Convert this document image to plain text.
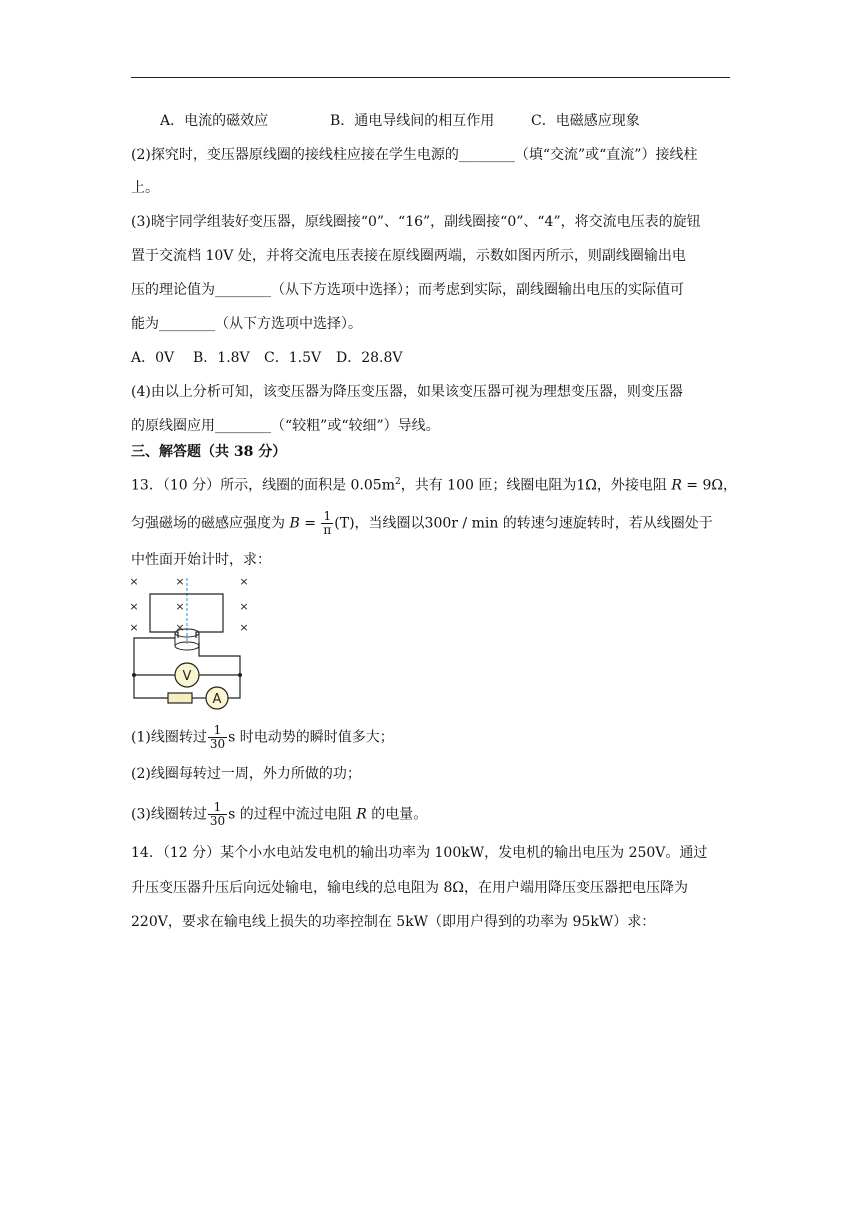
A．电流的磁效应	B．通电导线间的相互作用	C．电磁感应现象
(2)探究时，变压器原线圈的接线柱应接在学生电源的________（填“交流”或“直流”）接线柱
上。
(3)晓宇同学组装好变压器，原线圈接“0”、“16”，副线圈接“0”、“4”，将交流电压表的旋钮
置于交流档 10V 处，并将交流电压表接在原线圈两端，示数如图丙所示，则副线圈输出电
压的理论值为________（从下方选项中选择）；而考虑到实际，副线圈输出电压的实际值可
能为________（从下方选项中选择）。
A．0V B．1.8V C．1.5V D．28.8V
(4)由以上分析可知，该变压器为降压变压器，如果该变压器可视为理想变压器，则变压器
的原线圈应用________（“较粗”或“较细”）导线。
三、解答题（共 38 分）
13．（10 分）所示，线圈的面积是 $0.05m^2$，共有 100 匝；线圈电阻为1Ω，外接电阻 R = 9Ω，
匀强磁场的磁感应强度为 $B = \frac{1}{\pi} (T)$，当线圈以300r / min 的转速匀速旋转时，若从线圈处于
中性面开始计时，求：
×	×	×
×	×	×
×	×	×
V
A
(1)线圈转过 $\frac{1}{30}$ s 时电动势的瞬时值多大；
(2)线圈每转过一周，外力所做的功；
(3)线圈转过 $\frac{1}{30}$ s 的过程中流过电阻 R 的电量。
14．（12 分）某个小水电站发电机的输出功率为 100kW，发电机的输出电压为 250V。通过
升压变压器升压后向远处输电，输电线的总电阻为 8Ω，在用户端用降压变压器把电压降为
220V，要求在输电线上损失的功率控制在 5kW（即用户得到的功率为 95kW）求：
